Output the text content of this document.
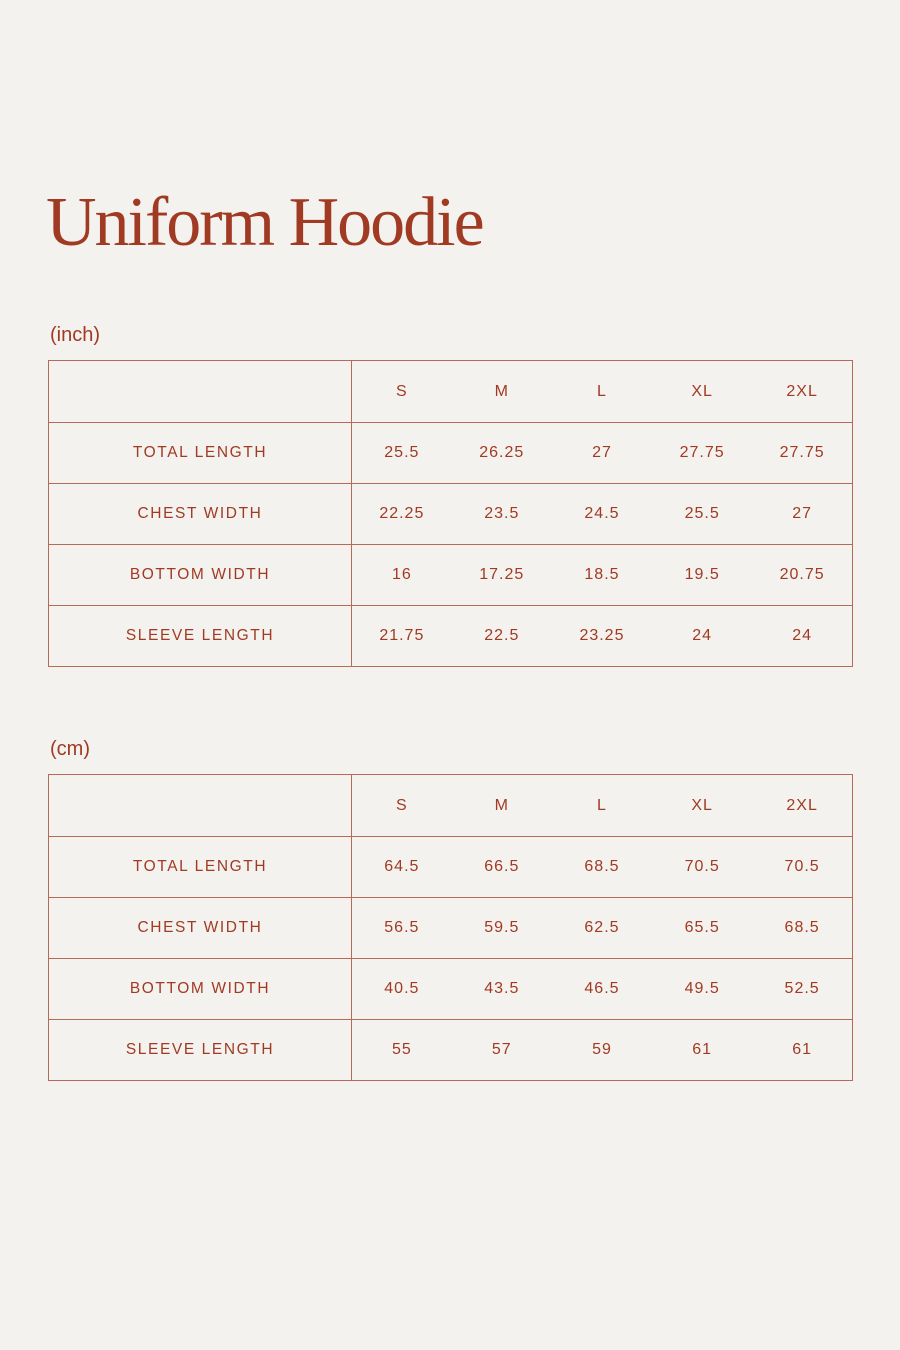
Uniform Hoodie
(inch)
	S	M	L	XL	2XL
TOTAL LENGTH	25.5	26.25	27	27.75	27.75
CHEST WIDTH	22.25	23.5	24.5	25.5	27
BOTTOM WIDTH	16	17.25	18.5	19.5	20.75
SLEEVE LENGTH	21.75	22.5	23.25	24	24
(cm)
	S	M	L	XL	2XL
TOTAL LENGTH	64.5	66.5	68.5	70.5	70.5
CHEST WIDTH	56.5	59.5	62.5	65.5	68.5
BOTTOM WIDTH	40.5	43.5	46.5	49.5	52.5
SLEEVE LENGTH	55	57	59	61	61
